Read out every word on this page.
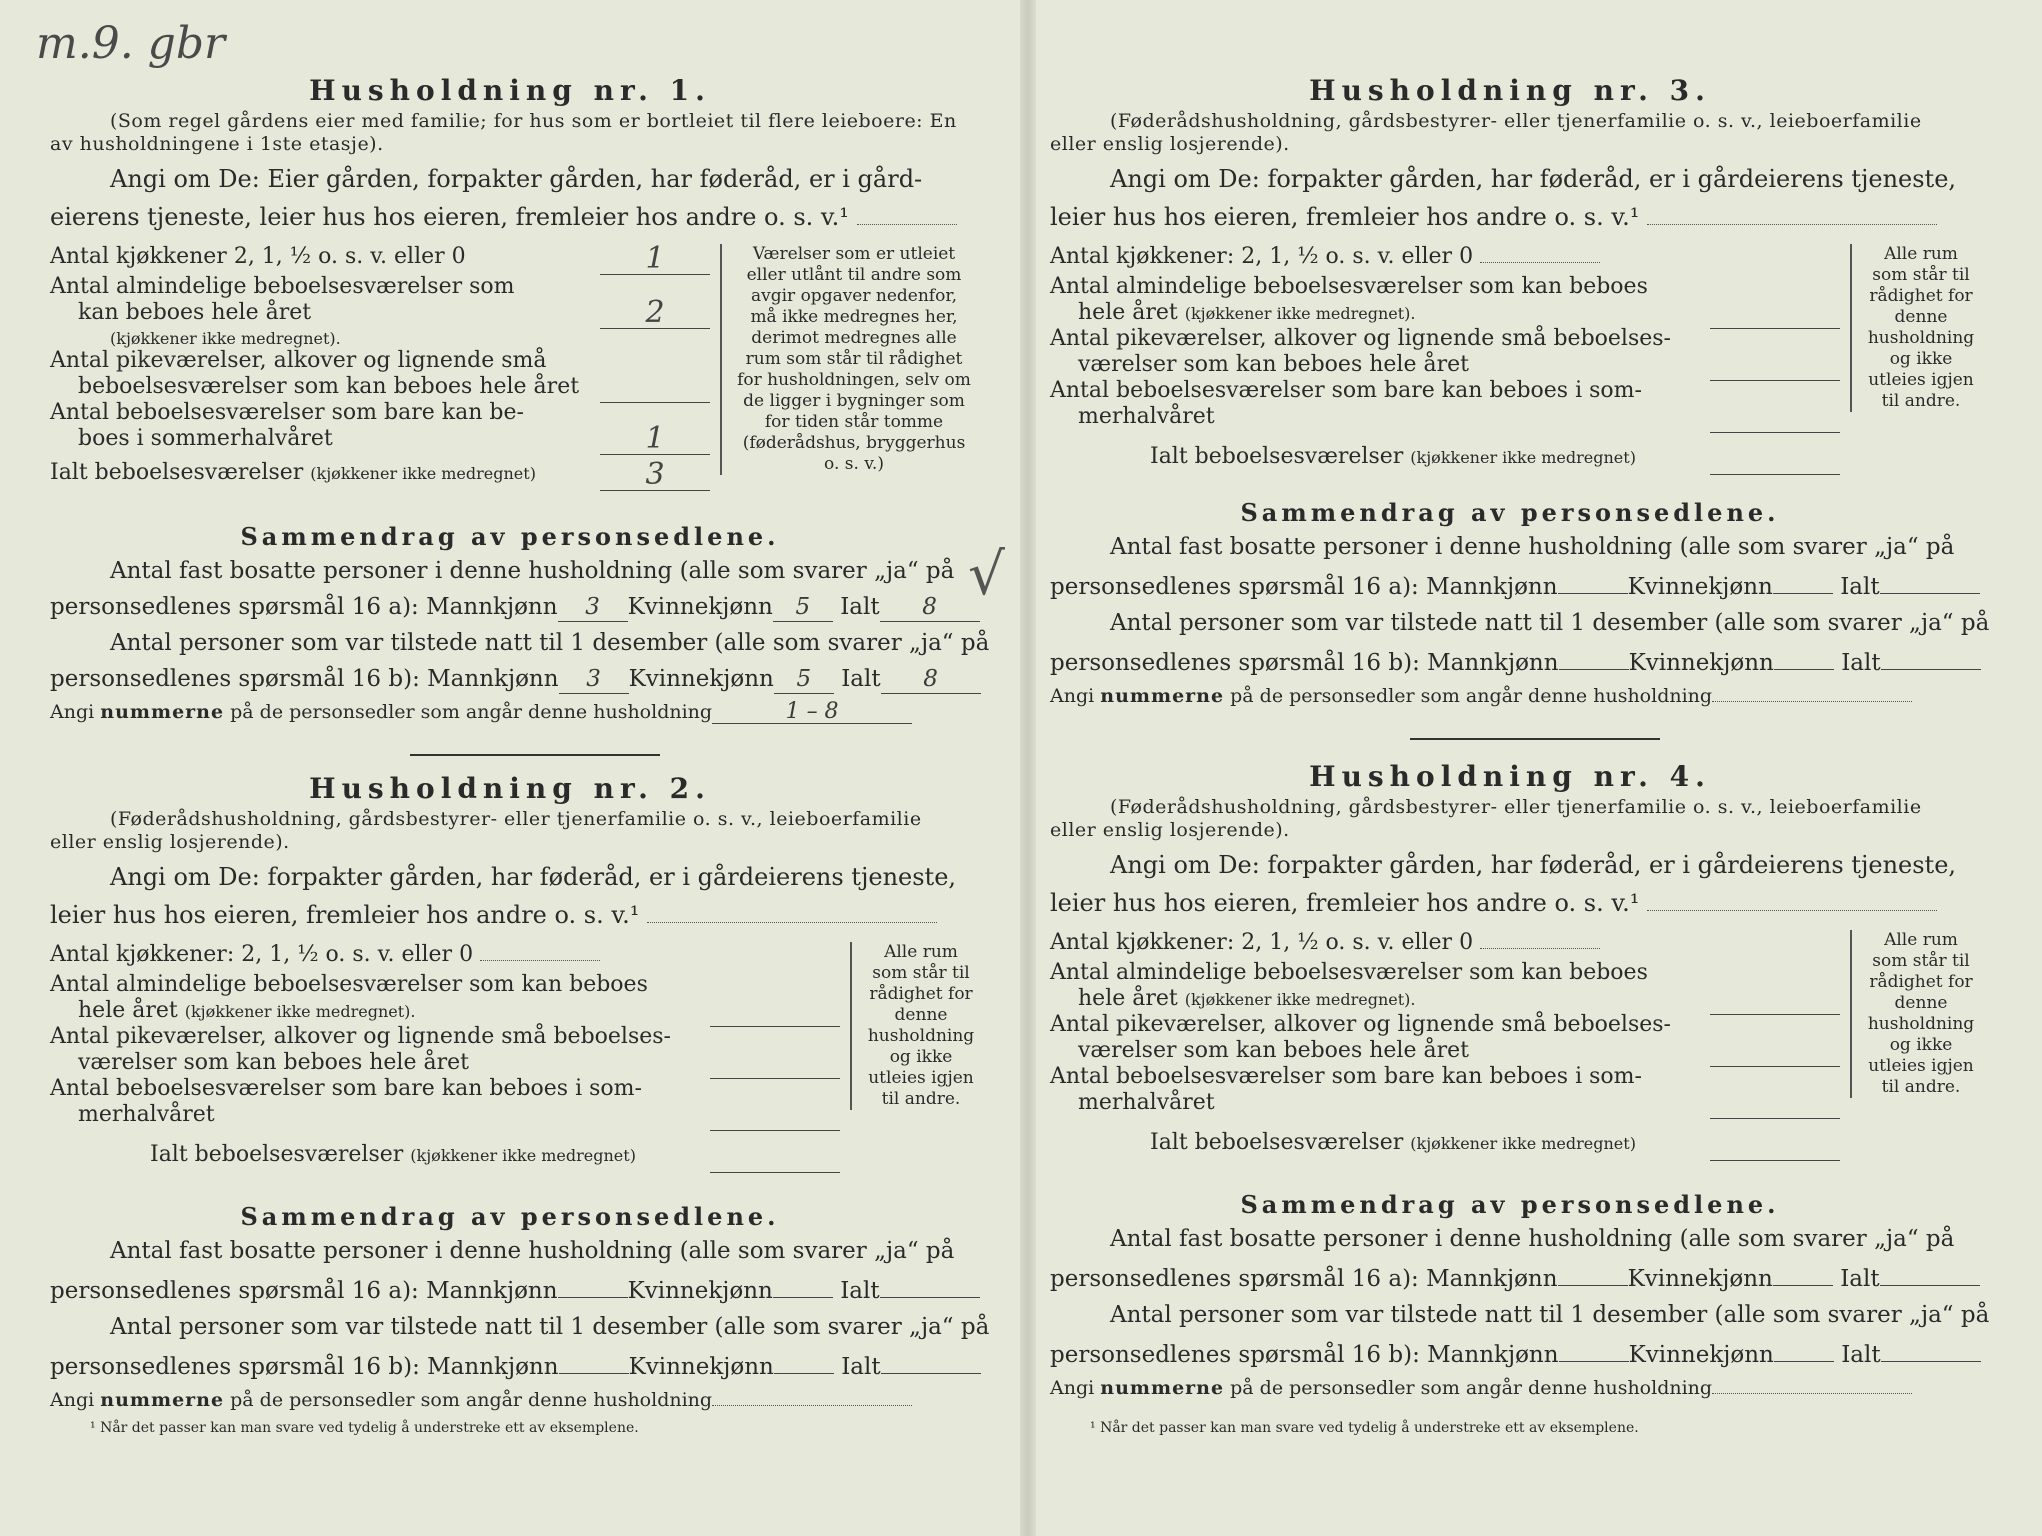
m.9. gbr
√

Husholdning nr. 1.

(Som regel gårdens eier med familie; for hus som er bortleiet til flere leieboere: En av husholdningene i 1ste etasje).

Angi om De: Eier gården, forpakter gården, har føderåd, er i gård-
eierens tjeneste, leier hus hos eieren, fremleier hos andre o. s. v.¹
Antal kjøkkener 2, 1, ½ o. s. v. eller 0	1
Antal almindelige beboelsesværelser som
kan beboes hele året	2
(kjøkkener ikke medregnet).
Antal pikeværelser, alkover og lignende små
beboelsesværelser som kan beboes hele året
Antal beboelsesværelser som bare kan be-
boes i sommerhalvåret	1
Ialt beboelsesværelser (kjøkkener ikke medregnet)	3
Værelser som er utleiet eller utlånt til andre som avgir opgaver nedenfor, må ikke medregnes her, derimot medregnes alle rum som står til rådighet for husholdningen, selv om de ligger i bygninger som for tiden står tomme (føderådshus, bryggerhus o. s. v.)
Sammendrag av personsedlene.
Antal fast bosatte personer i denne husholdning (alle som svarer „ja“ på
personsedlenes spørsmål 16 a): Mannkjønn 3 Kvinnekjønn 5 Ialt 8
Antal personer som var tilstede natt til 1 desember (alle som svarer „ja“ på
personsedlenes spørsmål 16 b): Mannkjønn 3 Kvinnekjønn 5 Ialt 8
Angi nummerne på de personsedler som angår denne husholdning	1 – 8

Husholdning nr. 2.

(Føderådshusholdning, gårdsbestyrer- eller tjenerfamilie o. s. v., leieboerfamilie eller enslig losjerende).

Angi om De: forpakter gården, har føderåd, er i gårdeierens tjeneste,
leier hus hos eieren, fremleier hos andre o. s. v.¹
Antal kjøkkener: 2, 1, ½ o. s. v. eller 0
Antal almindelige beboelsesværelser som kan beboes
hele året (kjøkkener ikke medregnet).
Antal pikeværelser, alkover og lignende små beboelses-
værelser som kan beboes hele året
Antal beboelsesværelser som bare kan beboes i som-
merhalvåret
Ialt beboelsesværelser (kjøkkener ikke medregnet)
Alle rum som står til rådighet for denne husholdning og ikke utleies igjen til andre.
Sammendrag av personsedlene.
Antal fast bosatte personer i denne husholdning (alle som svarer „ja“ på
personsedlenes spørsmål 16 a): Mannkjønn	Kvinnekjønn	Ialt
Antal personer som var tilstede natt til 1 desember (alle som svarer „ja“ på
personsedlenes spørsmål 16 b): Mannkjønn	Kvinnekjønn	Ialt
Angi nummerne på de personsedler som angår denne husholdning
¹ Når det passer kan man svare ved tydelig å understreke ett av eksemplene.

Husholdning nr. 3.

(Føderådshusholdning, gårdsbestyrer- eller tjenerfamilie o. s. v., leieboerfamilie eller enslig losjerende).

Angi om De: forpakter gården, har føderåd, er i gårdeierens tjeneste,
leier hus hos eieren, fremleier hos andre o. s. v.¹
Antal kjøkkener: 2, 1, ½ o. s. v. eller 0
Antal almindelige beboelsesværelser som kan beboes
hele året (kjøkkener ikke medregnet).
Antal pikeværelser, alkover og lignende små beboelses-
værelser som kan beboes hele året
Antal beboelsesværelser som bare kan beboes i som-
merhalvåret
Ialt beboelsesværelser (kjøkkener ikke medregnet)
Alle rum som står til rådighet for denne husholdning og ikke utleies igjen til andre.
Sammendrag av personsedlene.
Antal fast bosatte personer i denne husholdning (alle som svarer „ja“ på
personsedlenes spørsmål 16 a): Mannkjønn	Kvinnekjønn	Ialt
Antal personer som var tilstede natt til 1 desember (alle som svarer „ja“ på
personsedlenes spørsmål 16 b): Mannkjønn	Kvinnekjønn	Ialt
Angi nummerne på de personsedler som angår denne husholdning

Husholdning nr. 4.

(Føderådshusholdning, gårdsbestyrer- eller tjenerfamilie o. s. v., leieboerfamilie eller enslig losjerende).

Angi om De: forpakter gården, har føderåd, er i gårdeierens tjeneste,
leier hus hos eieren, fremleier hos andre o. s. v.¹
Antal kjøkkener: 2, 1, ½ o. s. v. eller 0
Antal almindelige beboelsesværelser som kan beboes
hele året (kjøkkener ikke medregnet).
Antal pikeværelser, alkover og lignende små beboelses-
værelser som kan beboes hele året
Antal beboelsesværelser som bare kan beboes i som-
merhalvåret
Ialt beboelsesværelser (kjøkkener ikke medregnet)
Alle rum som står til rådighet for denne husholdning og ikke utleies igjen til andre.
Sammendrag av personsedlene.
Antal fast bosatte personer i denne husholdning (alle som svarer „ja“ på
personsedlenes spørsmål 16 a): Mannkjønn	Kvinnekjønn	Ialt
Antal personer som var tilstede natt til 1 desember (alle som svarer „ja“ på
personsedlenes spørsmål 16 b): Mannkjønn	Kvinnekjønn	Ialt
Angi nummerne på de personsedler som angår denne husholdning
¹ Når det passer kan man svare ved tydelig å understreke ett av eksemplene.
